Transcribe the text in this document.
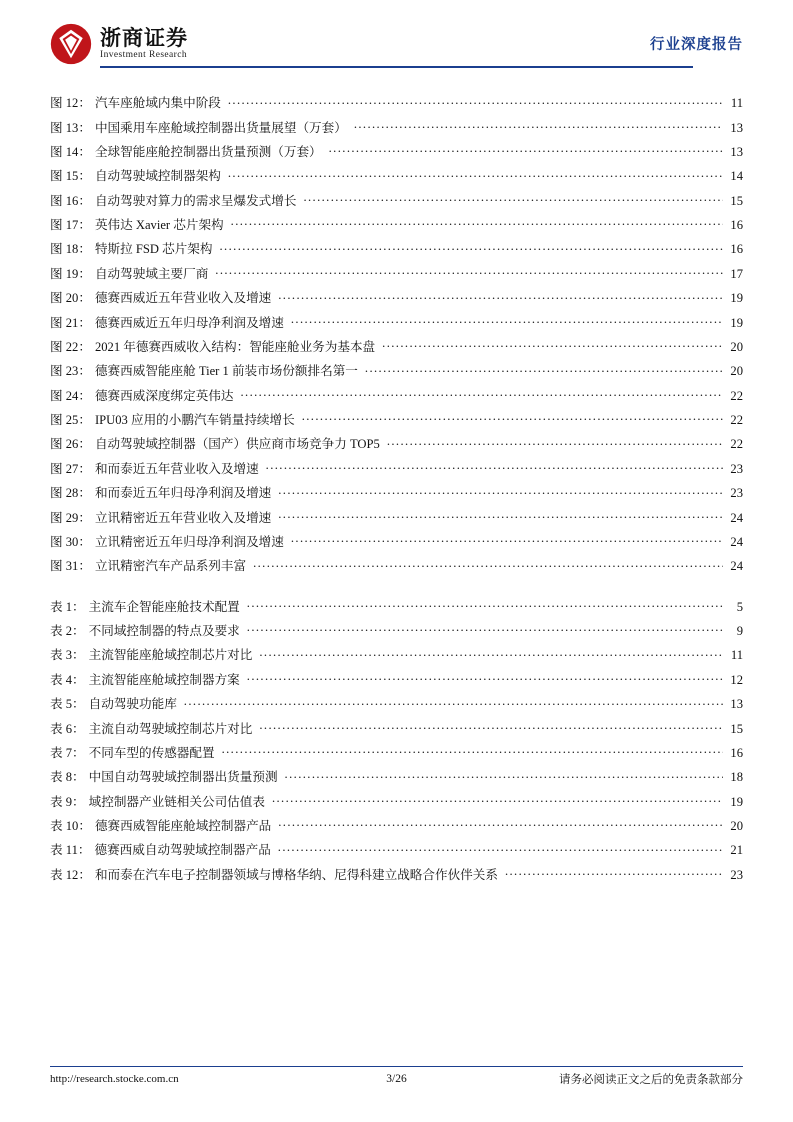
浙商证券
Investment Research
行业深度报告
图 12： 汽车座舱域内集中阶段 .....	11
图 13： 中国乘用车座舱域控制器出货量展望（万套） .....	13
图 14： 全球智能座舱控制器出货量预测（万套） .....	13
图 15： 自动驾驶域控制器架构 .....	14
图 16： 自动驾驶对算力的需求呈爆发式增长 .....	15
图 17： 英伟达 Xavier 芯片架构 .....	16
图 18： 特斯拉 FSD 芯片架构 .....	16
图 19： 自动驾驶域主要厂商 .....	17
图 20： 德赛西威近五年营业收入及增速 .....	19
图 21： 德赛西威近五年归母净利润及增速 .....	19
图 22： 2021 年德赛西威收入结构：智能座舱业务为基本盘 .....	20
图 23： 德赛西威智能座舱 Tier 1 前装市场份额排名第一 .....	20
图 24： 德赛西威深度绑定英伟达 .....	22
图 25： IPU03 应用的小鹏汽车销量持续增长 .....	22
图 26： 自动驾驶域控制器（国产）供应商市场竞争力 TOP5 .....	22
图 27： 和而泰近五年营业收入及增速 .....	23
图 28： 和而泰近五年归母净利润及增速 .....	23
图 29： 立讯精密近五年营业收入及增速 .....	24
图 30： 立讯精密近五年归母净利润及增速 .....	24
图 31： 立讯精密汽车产品系列丰富 .....	24
表 1： 主流车企智能座舱技术配置 .....	5
表 2： 不同域控制器的特点及要求 .....	9
表 3： 主流智能座舱域控制芯片对比 .....	11
表 4： 主流智能座舱域控制器方案 .....	12
表 5： 自动驾驶功能库 .....	13
表 6： 主流自动驾驶域控制芯片对比 .....	15
表 7： 不同车型的传感器配置 .....	16
表 8： 中国自动驾驶域控制器出货量预测 .....	18
表 9： 域控制器产业链相关公司估值表 .....	19
表 10： 德赛西威智能座舱域控制器产品 .....	20
表 11： 德赛西威自动驾驶域控制器产品 .....	21
表 12： 和而泰在汽车电子控制器领域与博格华纳、尼得科建立战略合作伙伴关系 .....	23
http://research.stocke.com.cn	3/26	请务必阅读正文之后的免责条款部分
